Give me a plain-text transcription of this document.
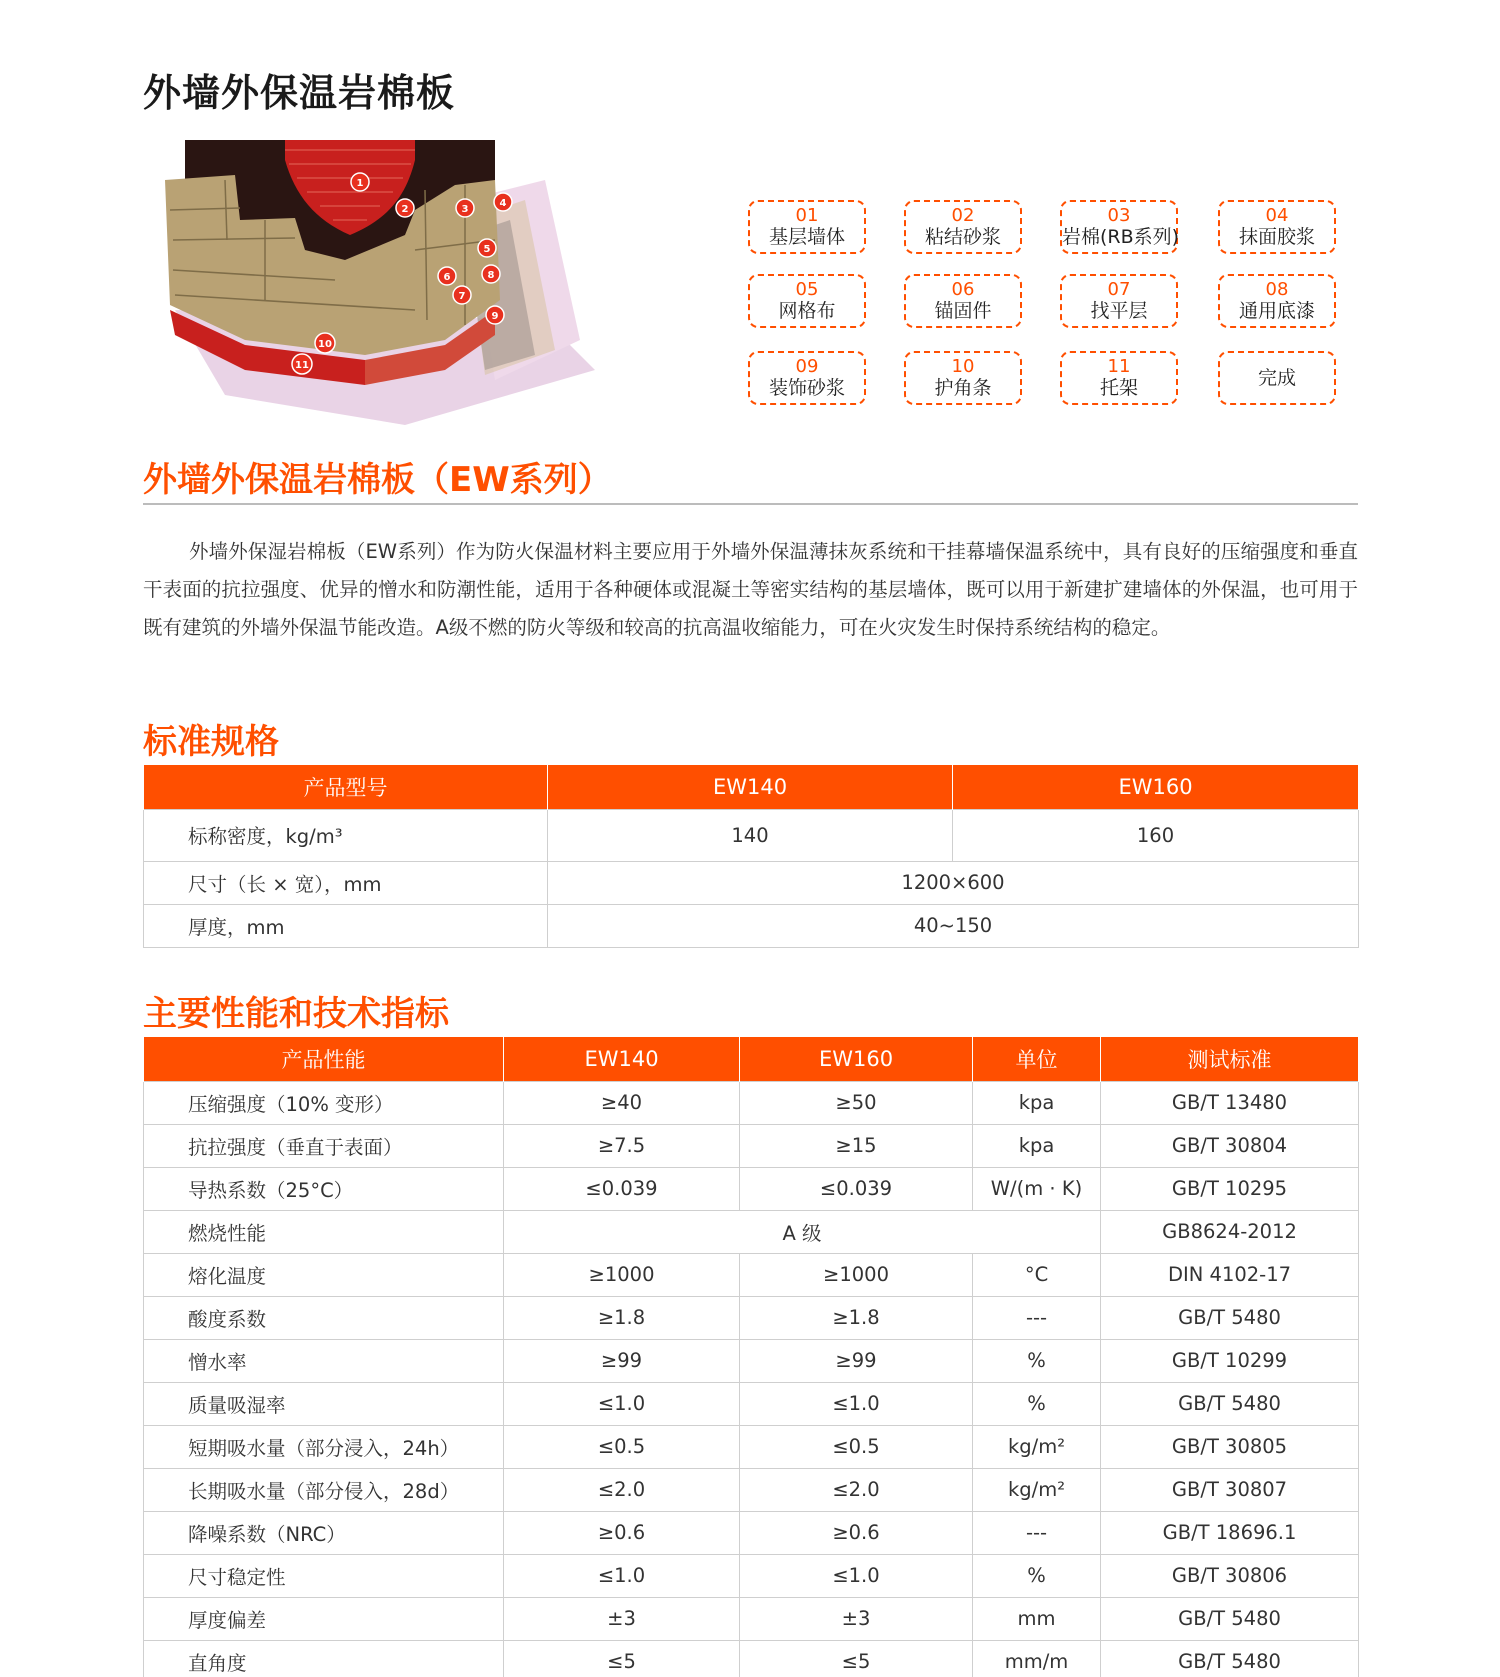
外墙外保温岩棉板
1
2	3
4
5
6
7
8
9
10
11
01
基层墙体
02
粘结砂浆
03
岩棉(RB系列)
04
抹面胶浆
05
网格布
06
锚固件
07
找平层
08
通用底漆
09
装饰砂浆
10
护角条
11
托架	完成
外墙外保温岩棉板（EW系列）

外墙外保湿岩棉板（EW系列）作为防火保温材料主要应用于外墙外保温薄抹灰系统和干挂幕墙保温系统中，具有良好的压缩强度和垂直干表面的抗拉强度、优异的憎水和防潮性能，适用于各种硬体或混凝土等密实结构的基层墙体，既可以用于新建扩建墙体的外保温，也可用于既有建筑的外墙外保温节能改造。A级不燃的防火等级和较高的抗高温收缩能力，可在火灾发生时保持系统结构的稳定。

标准规格
产品型号	EW140	EW160
标称密度，kg/m³	140	160
尺寸（长 × 宽），mm	1200×600	
厚度，mm	40~150	
主要性能和技术指标
产品性能	EW140	EW160	单位	测试标准
压缩强度（10% 变形）	≥40	≥50	kpa	GB/T 13480
抗拉强度（垂直于表面）	≥7.5	≥15	kpa	GB/T 30804
导热系数（25°C）	≤0.039	≤0.039	W/(m · K)	GB/T 10295
燃烧性能	A 级			GB8624-2012
熔化温度	≥1000	≥1000	°C	DIN 4102-17
酸度系数	≥1.8	≥1.8	---	GB/T 5480
憎水率	≥99	≥99	%	GB/T 10299
质量吸湿率	≤1.0	≤1.0	%	GB/T 5480
短期吸水量（部分浸入，24h）	≤0.5	≤0.5	kg/m²	GB/T 30805
长期吸水量（部分侵入，28d）	≤2.0	≤2.0	kg/m²	GB/T 30807
降噪系数（NRC）	≥0.6	≥0.6	---	GB/T 18696.1
尺寸稳定性	≤1.0	≤1.0	%	GB/T 30806
厚度偏差	±3	±3	mm	GB/T 5480
直角度	≤5	≤5	mm/m	GB/T 5480
